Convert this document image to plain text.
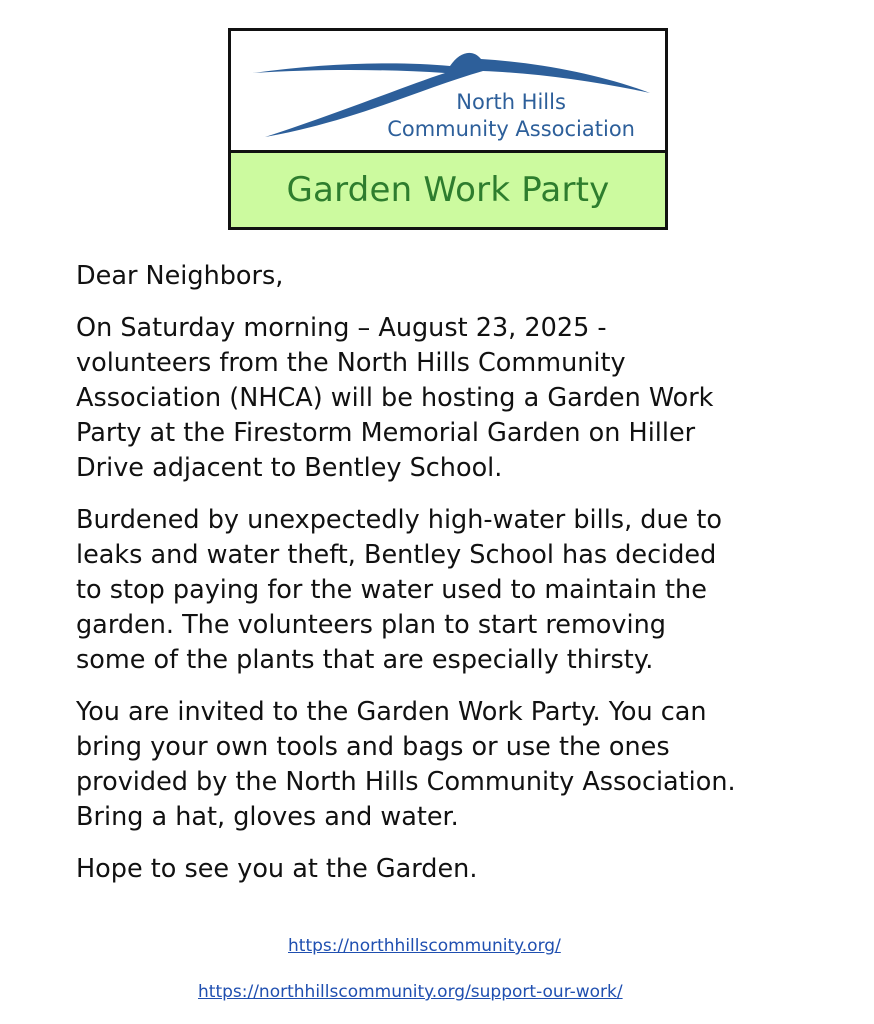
North Hills
Community Association
Garden Work Party

Dear Neighbors,

On Saturday morning – August 23, 2025 -

volunteers from the North Hills Community

Association (NHCA) will be hosting a Garden Work

Party at the Firestorm Memorial Garden on Hiller

Drive adjacent to Bentley School.

Burdened by unexpectedly high-water bills, due to

leaks and water theft, Bentley School has decided

to stop paying for the water used to maintain the

garden. The volunteers plan to start removing

some of the plants that are especially thirsty.

You are invited to the Garden Work Party. You can

bring your own tools and bags or use the ones

provided by the North Hills Community Association.

Bring a hat, gloves and water.

Hope to see you at the Garden.

https://northhillscommunity.org/
https://northhillscommunity.org/support-our-work/
